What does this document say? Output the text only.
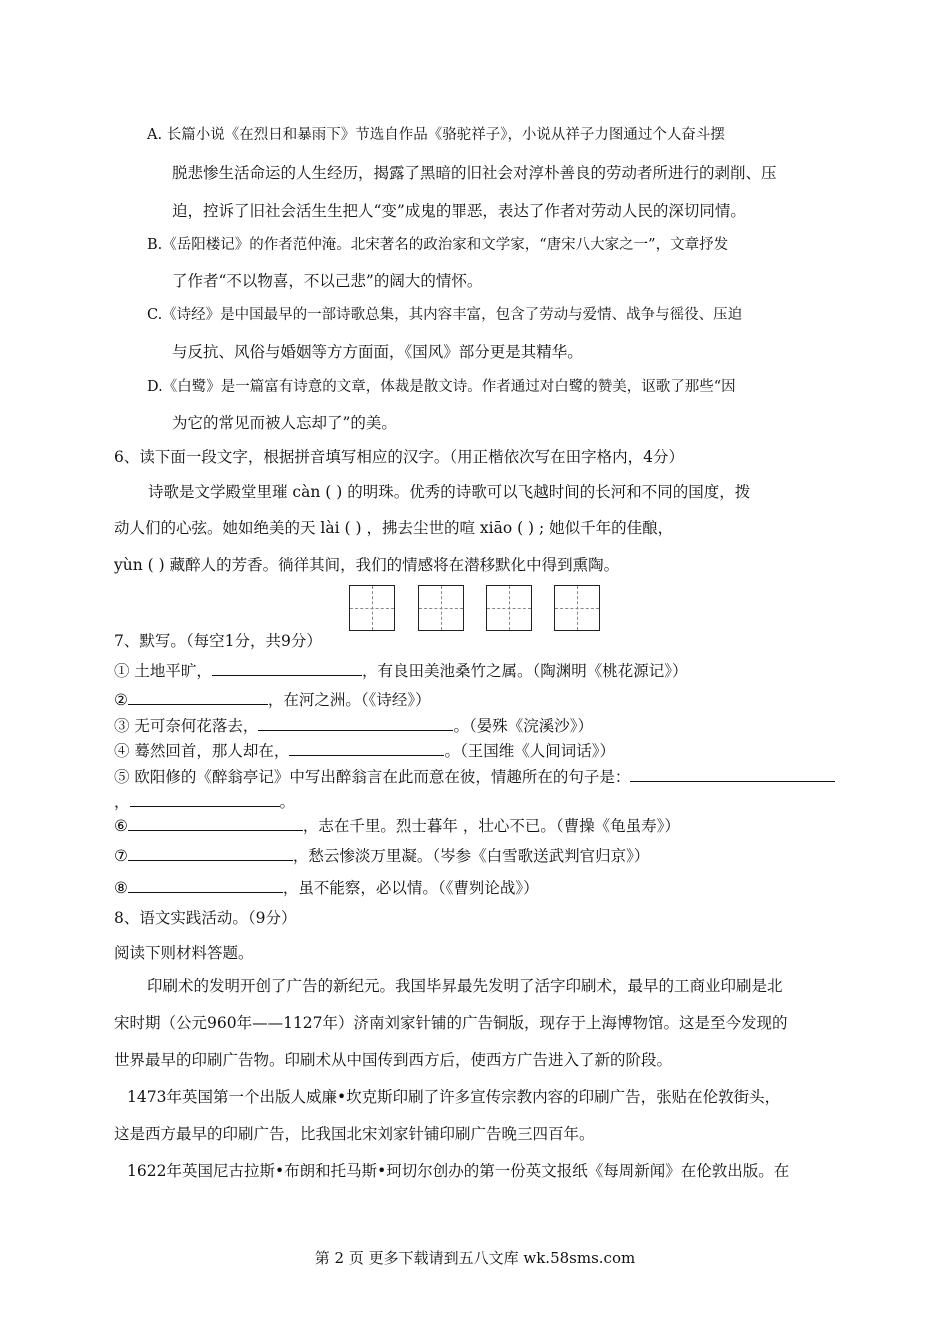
A. 长篇小说《在烈日和暴雨下》节选自作品《骆驼祥子》，小说从祥子力图通过个人奋斗摆
脱悲惨生活命运的人生经历，揭露了黑暗的旧社会对淳朴善良的劳动者所进行的剥削、压
迫，控诉了旧社会活生生把人“变”成鬼的罪恶，表达了作者对劳动人民的深切同情。
B.《岳阳楼记》的作者范仲淹。北宋著名的政治家和文学家，“唐宋八大家之一”，文章抒发
了作者“不以物喜，不以己悲”的阔大的情怀。
C.《诗经》是中国最早的一部诗歌总集，其内容丰富，包含了劳动与爱情、战争与徭役、压迫
与反抗、风俗与婚姻等方方面面，《国风》部分更是其精华。
D.《白鹭》是一篇富有诗意的文章，体裁是散文诗。作者通过对白鹭的赞美，讴歌了那些“因
为它的常见而被人忘却了”的美。
6、读下面一段文字，根据拼音填写相应的汉字。（用正楷依次写在田字格内，4分）
诗歌是文学殿堂里璀 càn ( ) 的明珠。优秀的诗歌可以飞越时间的长河和不同的国度，拨
动人们的心弦。她如绝美的天 lài ( ) ，拂去尘世的喧 xiāo ( ) ; 她似千年的佳酿，
yùn ( ) 藏醉人的芳香。徜徉其间，我们的情感将在潜移默化中得到熏陶。
7、默写。（每空1分，共9分）
① 土地平旷，	，有良田美池桑竹之属。（陶渊明《桃花源记》）
②	，在河之洲。（《诗经》）
③ 无可奈何花落去，	。（晏殊《浣溪沙》）
④ 蓦然回首，那人却在，	。（王国维《人间词话》）
⑤ 欧阳修的《醉翁亭记》中写出醉翁言在此而意在彼，情趣所在的句子是：
，	。
⑥	，志在千里。烈士暮年 ，壮心不已。（曹操《龟虽寿》）
⑦	，愁云惨淡万里凝。（岑参《白雪歌送武判官归京》）
⑧	，虽不能察，必以情。（《曹刿论战》）
8、语文实践活动。（9分）
阅读下则材料答题。
印刷术的发明开创了广告的新纪元。我国毕昇最先发明了活字印刷术，最早的工商业印刷是北
宋时期（公元960年——1127年）济南刘家针铺的广告铜版，现存于上海博物馆。这是至今发现的
世界最早的印刷广告物。印刷术从中国传到西方后，使西方广告进入了新的阶段。
1473年英国第一个出版人威廉•坎克斯印刷了许多宣传宗教内容的印刷广告，张贴在伦敦街头，
这是西方最早的印刷广告，比我国北宋刘家针铺印刷广告晚三四百年。
1622年英国尼古拉斯•布朗和托马斯•珂切尔创办的第一份英文报纸《每周新闻》在伦敦出版。在
第 2 页 更多下载请到五八文库 wk.58sms.com
